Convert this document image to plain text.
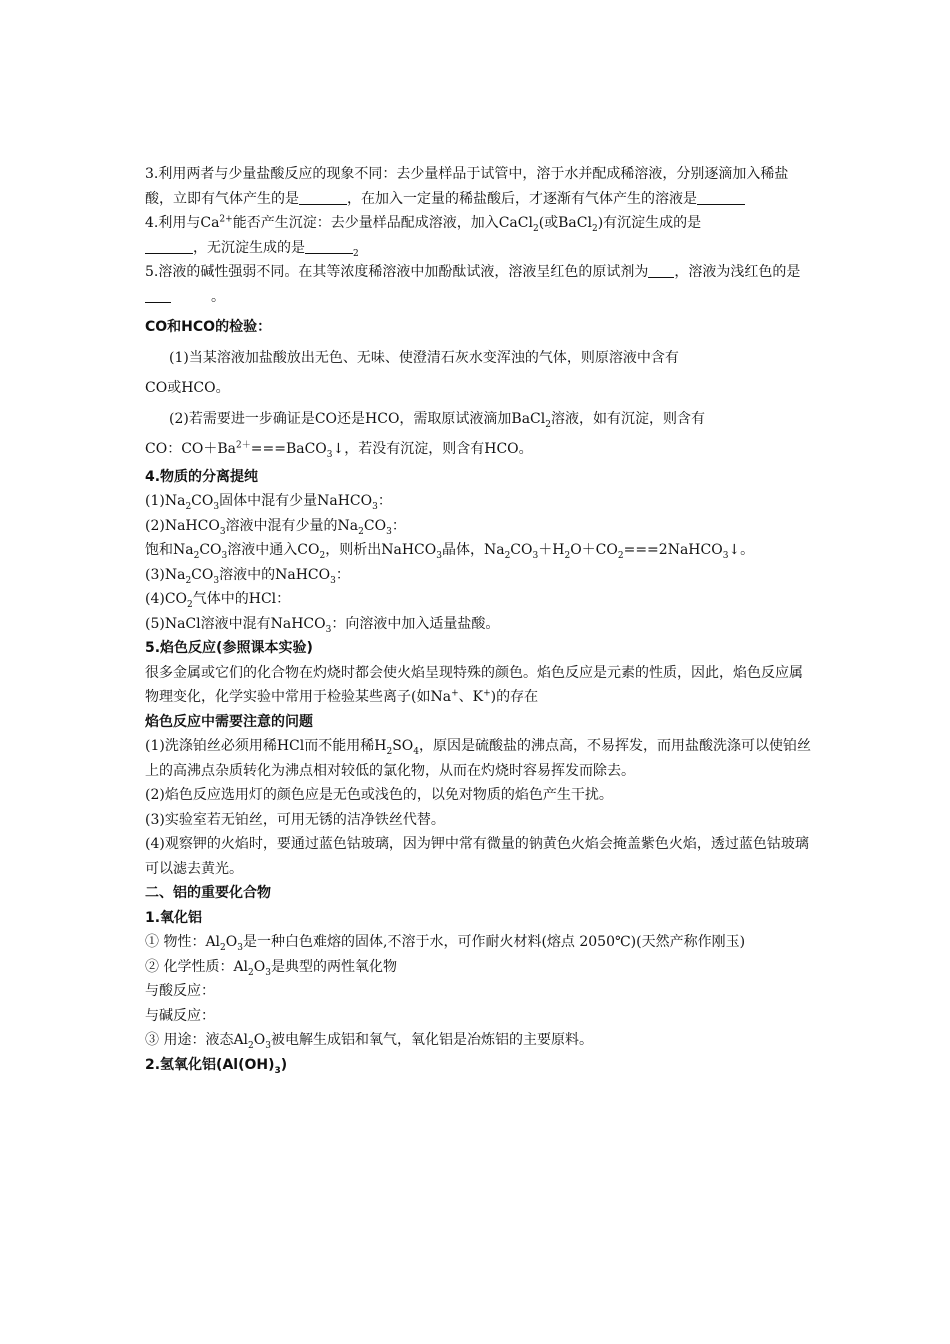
3.利用两者与少量盐酸反应的现象不同：去少量样品于试管中，溶于水并配成稀溶液，分别逐滴加入稀盐酸，立即有气体产生的是	，在加入一定量的稀盐酸后，才逐渐有气体产生的溶液是

4.利用与$Ca^{2+}$能否产生沉淀：去少量样品配成溶液，加入CaCl$_2$(或BaCl$_2$)有沉淀生成的是
，无沉淀生成的是	$_2$

5.溶液的碱性强弱不同。在其等浓度稀溶液中加酚酞试液，溶液呈红色的原试剂为 ，溶液为浅红色的是。

CO和HCO的检验：

(1)当某溶液加盐酸放出无色、无味、使澄清石灰水变浑浊的气体，则原溶液中含有

CO或HCO。

(2)若需要进一步确证是CO还是HCO，需取原试液滴加BaCl$_2$溶液，如有沉淀，则含有

CO：$CO+Ba^{2+}===BaCO_3↓$，若没有沉淀，则含有HCO。

4.物质的分离提纯

$(1)Na_2CO_3$固体中混有少量NaHCO$_3$：

(2)NaHCO$_3$溶液中混有少量的$Na_2CO_3$：

饱和$Na_2CO_3$溶液中通入$CO_2$，则析出NaHCO$_3$晶体，$Na_2CO_3+H_2O+CO_2===2NaHCO_3↓$。

$(3)Na_2CO_3$溶液中的NaHCO$_3$：

$(4)CO_2$气体中的HCl：

(5)NaCl溶液中混有NaHCO$_3$：向溶液中加入适量盐酸。

5.焰色反应(参照课本实验)

很多金属或它们的化合物在灼烧时都会使火焰呈现特殊的颜色。焰色反应是元素的性质，因此，焰色反应属物理变化，化学实验中常用于检验某些离子(如Na+、K+)的存在

焰色反应中需要注意的问题

(1)洗涤铂丝必须用稀HCl而不能用稀$H_2SO_4$，原因是硫酸盐的沸点高，不易挥发，而用盐酸洗涤可以使铂丝上的高沸点杂质转化为沸点相对较低的氯化物，从而在灼烧时容易挥发而除去。

(2)焰色反应选用灯的颜色应是无色或浅色的，以免对物质的焰色产生干扰。

(3)实验室若无铂丝，可用无锈的洁净铁丝代替。

(4)观察钾的火焰时，要通过蓝色钴玻璃，因为钾中常有微量的钠黄色火焰会掩盖紫色火焰，透过蓝色钴玻璃可以滤去黄光。

二、铝的重要化合物

1.氧化铝

① 物性：$Al_2O_3$是一种白色难熔的固体,不溶于水，可作耐火材料(熔点 2050℃)(天然产称作刚玉)

② 化学性质：$Al_2O_3$是典型的两性氧化物

与酸反应：

与碱反应：

③ 用途：液态$Al_2O_3$被电解生成铝和氧气，氧化铝是冶炼铝的主要原料。

2.氢氧化铝$(Al(OH)_3)$
